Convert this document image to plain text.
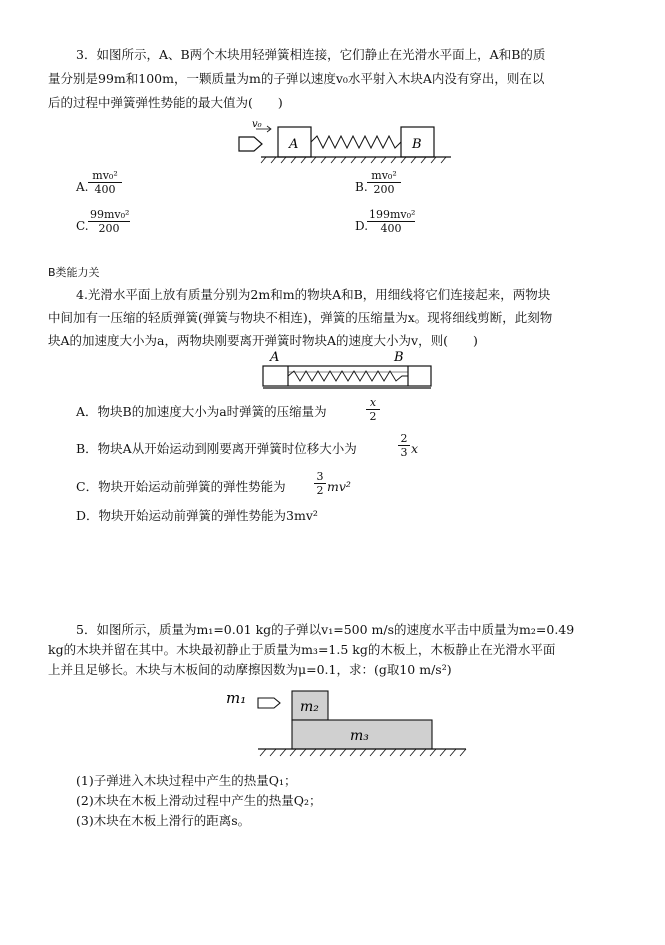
3．如图所示，A、B两个木块用轻弹簧相连接，它们静止在光滑水平面上，A和B的质
量分别是99m和100m，一颗质量为m的子弹以速度v₀水平射入木块A内没有穿出，则在以
后的过程中弹簧弹性势能的最大值为(　　)
v₀
A	B
A. $\frac{\text{mv₀²}}{400}$	B. $\frac{\text{mv₀²}}{200}$
C. $\frac{\text{99mv₀²}}{200}$	D.
$\frac{\text{199mv₀²}}{400}$
B类能力关
4.光滑水平面上放有质量分别为2m和m的物块A和B，用细线将它们连接起来，两物块
中间加有一压缩的轻质弹簧(弹簧与物块不相连)，弹簧的压缩量为x。现将细线剪断，此刻物
块A的加速度大小为a，两物块刚要离开弹簧时物块A的速度大小为v，则(　　)
A	B
A．物块B的加速度大小为a时弹簧的压缩量为	$\frac{x}{2}$
B．物块A从开始运动到刚要离开弹簧时位移大小为	$\frac{2}{3}$ x
C．物块开始运动前弹簧的弹性势能为	$\frac{3}{2} mv^2$
D．物块开始运动前弹簧的弹性势能为3mv²
5．如图所示，质量为m₁=0.01 kg的子弹以v₁=500 m/s的速度水平击中质量为m₂=0.49
kg的木块并留在其中。木块最初静止于质量为m₃=1.5 kg的木板上，木板静止在光滑水平面
上并且足够长。木块与木板间的动摩擦因数为μ=0.1，求：(g取10 m/s²)
m₁	m₂
m₃
(1)子弹进入木块过程中产生的热量Q₁；
(2)木块在木板上滑动过程中产生的热量Q₂；
(3)木块在木板上滑行的距离s。
